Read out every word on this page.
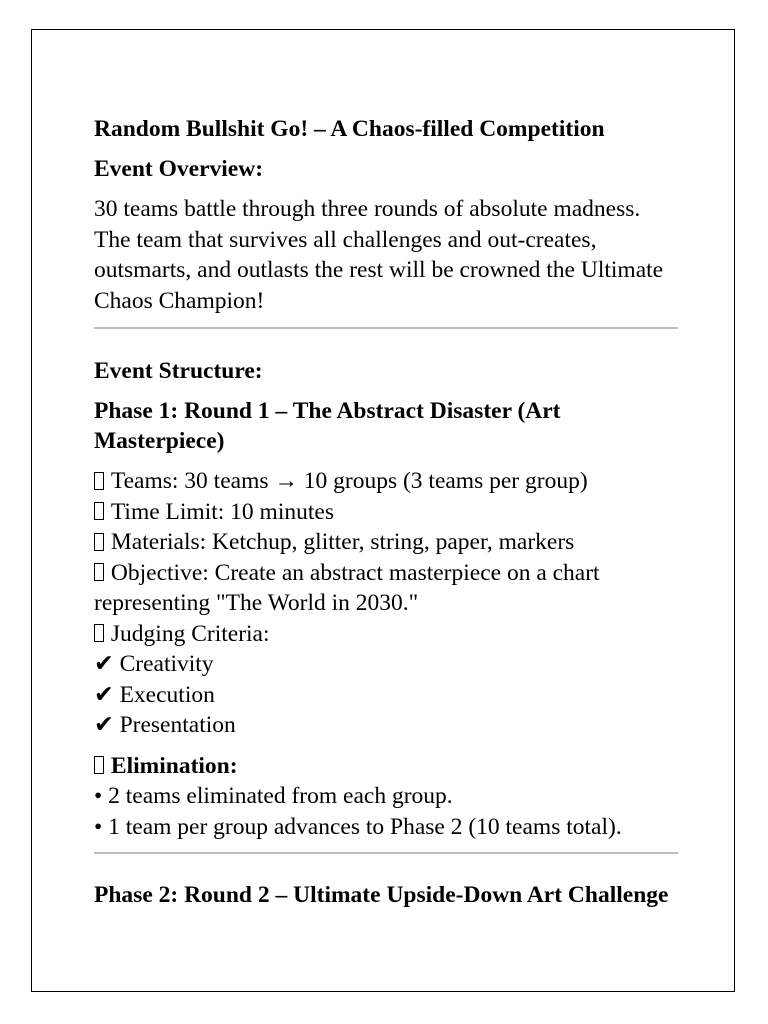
Random Bullshit Go! – A Chaos-filled Competition

Event Overview:

30 teams battle through three rounds of absolute madness. The team that survives all challenges and out-creates, outsmarts, and outlasts the rest will be crowned the Ultimate Chaos Champion!

Event Structure:

Phase 1: Round 1 – The Abstract Disaster (Art Masterpiece)

Teams: 30 teams → 10 groups (3 teams per group)

Time Limit: 10 minutes

Materials: Ketchup, glitter, string, paper, markers

Objective: Create an abstract masterpiece on a chart representing "The World in 2030."

Judging Criteria:

✔ Creativity

✔ Execution

✔ Presentation

Elimination:

• 2 teams eliminated from each group.

• 1 team per group advances to Phase 2 (10 teams total).

Phase 2: Round 2 – Ultimate Upside-Down Art Challenge
